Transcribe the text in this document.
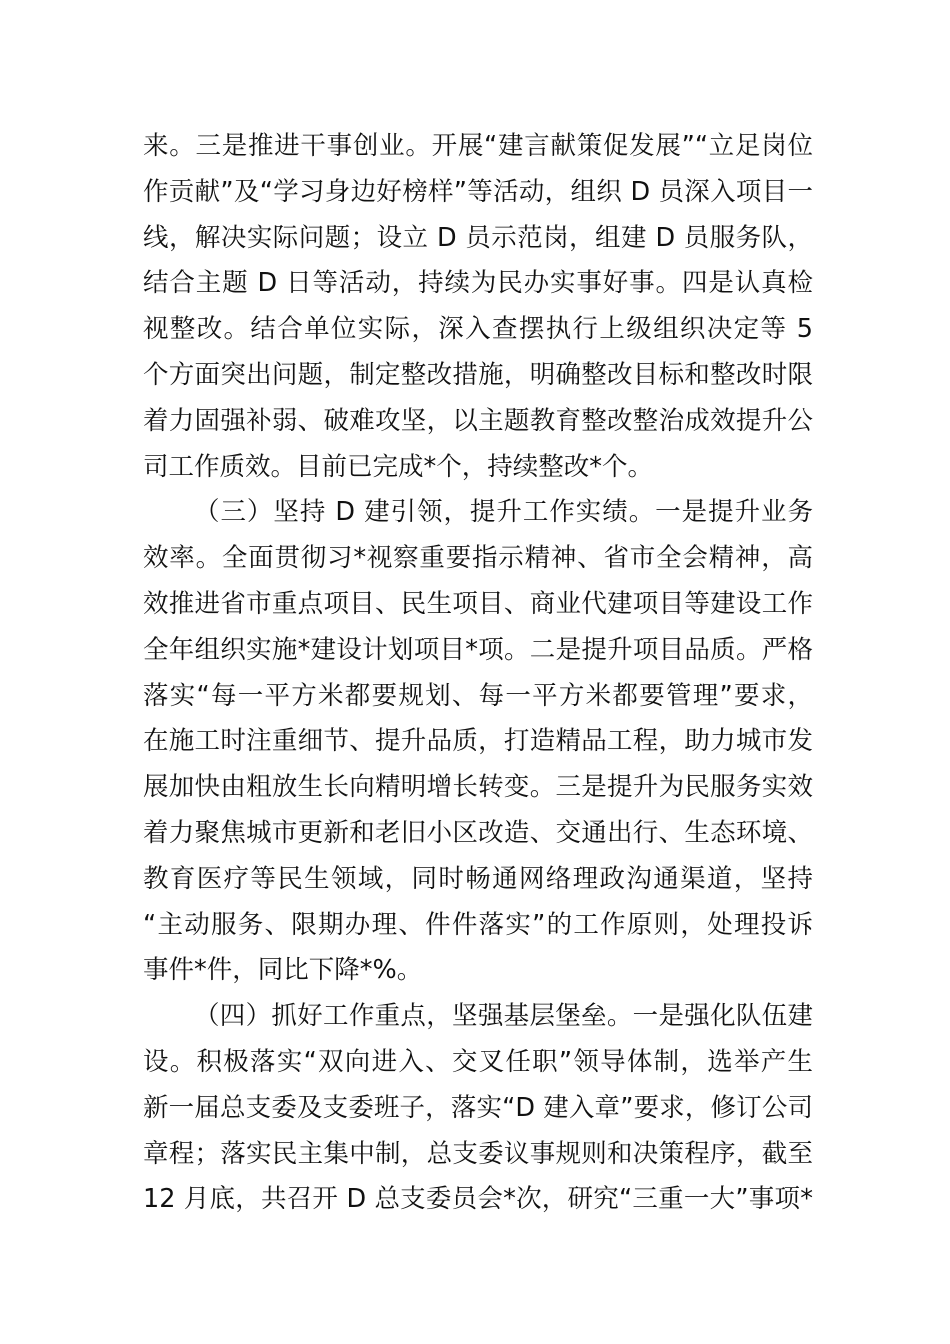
来。三是推进干事创业。开展“建言献策促发展”“立足岗位
作贡献”及“学习身边好榜样”等活动，组织 D 员深入项目一
线，解决实际问题；设立 D 员示范岗，组建 D 员服务队，
结合主题 D 日等活动，持续为民办实事好事。四是认真检
视整改。结合单位实际，深入查摆执行上级组织决定等 5
个方面突出问题，制定整改措施，明确整改目标和整改时限
着力固强补弱、破难攻坚，以主题教育整改整治成效提升公
司工作质效。目前已完成*个，持续整改*个。
（三）坚持 D 建引领，提升工作实绩。一是提升业务
效率。全面贯彻习*视察重要指示精神、省市全会精神，高
效推进省市重点项目、民生项目、商业代建项目等建设工作
全年组织实施*建设计划项目*项。二是提升项目品质。严格
落实“每一平方米都要规划、每一平方米都要管理”要求，
在施工时注重细节、提升品质，打造精品工程，助力城市发
展加快由粗放生长向精明增长转变。三是提升为民服务实效
着力聚焦城市更新和老旧小区改造、交通出行、生态环境、
教育医疗等民生领域，同时畅通网络理政沟通渠道，坚持
“主动服务、限期办理、件件落实”的工作原则，处理投诉
事件*件，同比下降*%。
（四）抓好工作重点，坚强基层堡垒。一是强化队伍建
设。积极落实“双向进入、交叉任职”领导体制，选举产生
新一届总支委及支委班子，落实“D 建入章”要求，修订公司
章程；落实民主集中制，总支委议事规则和决策程序，截至
12 月底，共召开 D 总支委员会*次，研究“三重一大”事项*
